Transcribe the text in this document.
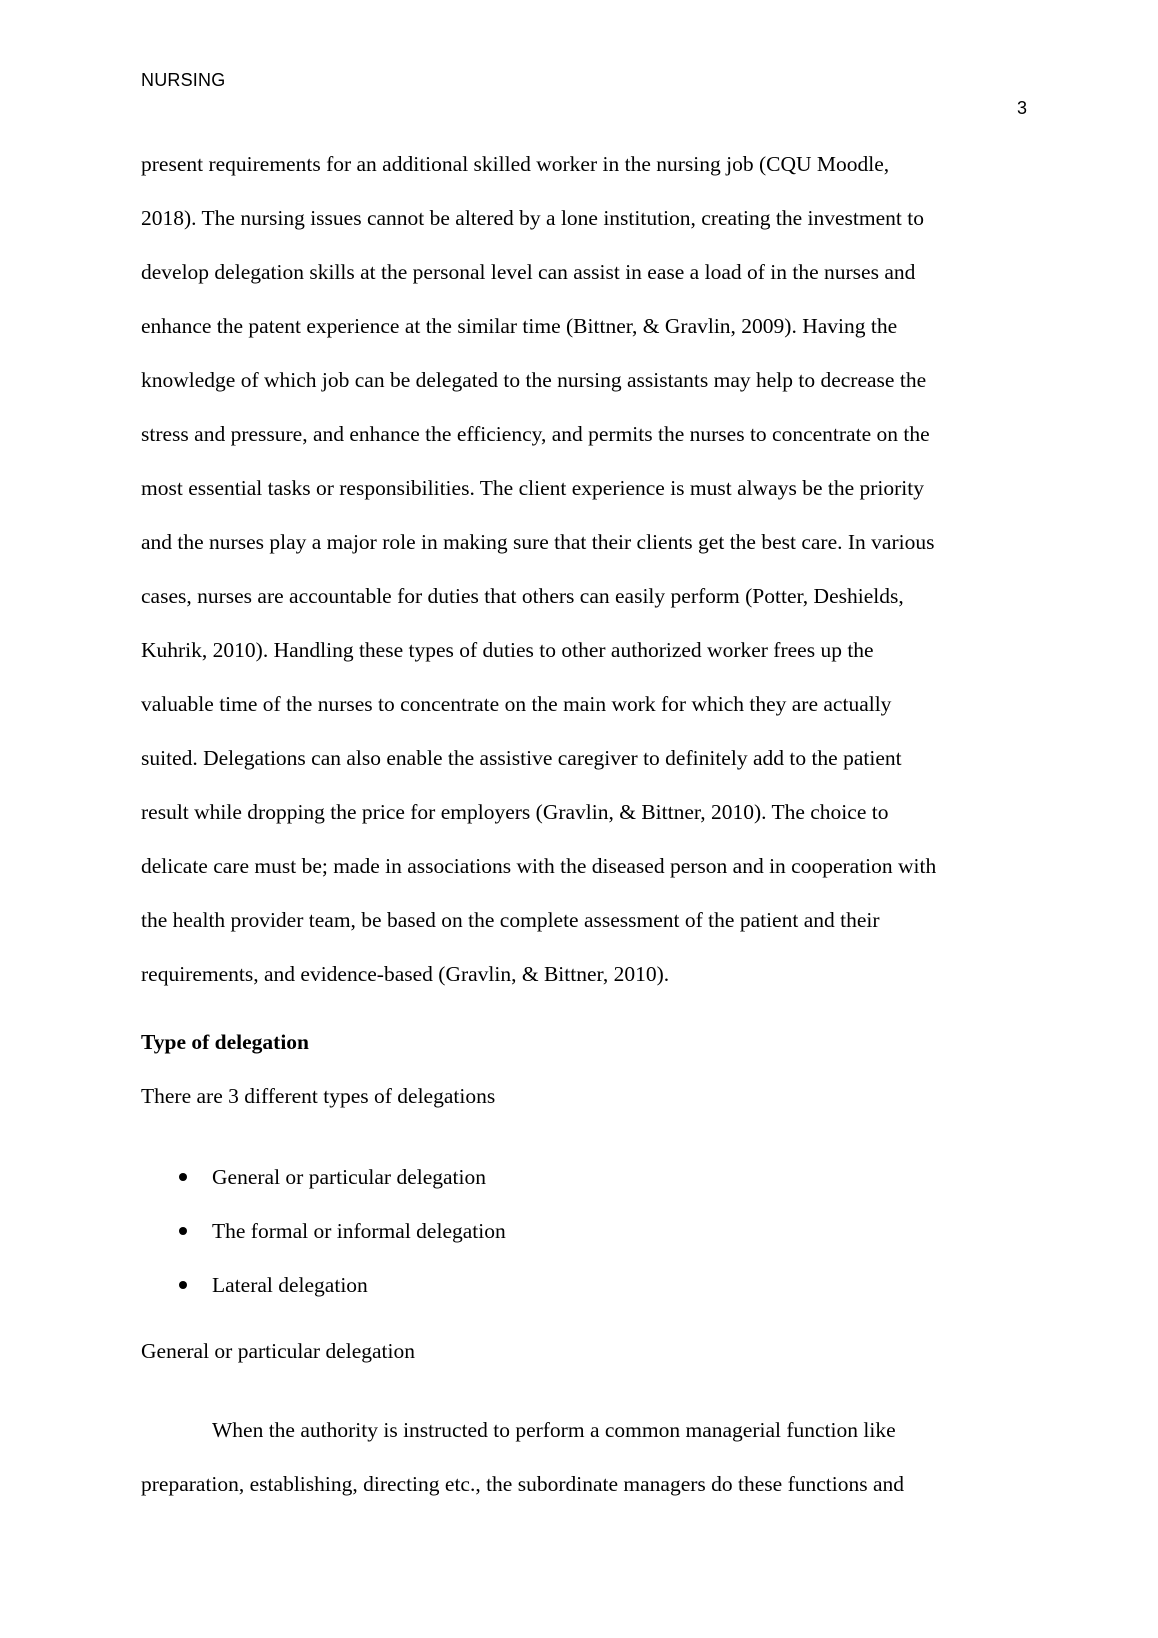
NURSING
3
present requirements for an additional skilled worker in the nursing job (CQU Moodle,
2018). The nursing issues cannot be altered by a lone institution, creating the investment to
develop delegation skills at the personal level can assist in ease a load of in the nurses and
enhance the patent experience at the similar time (Bittner, & Gravlin, 2009). Having the
knowledge of which job can be delegated to the nursing assistants may help to decrease the
stress and pressure, and enhance the efficiency, and permits the nurses to concentrate on the
most essential tasks or responsibilities. The client experience is must always be the priority
and the nurses play a major role in making sure that their clients get the best care. In various
cases, nurses are accountable for duties that others can easily perform (Potter, Deshields,
Kuhrik, 2010). Handling these types of duties to other authorized worker frees up the
valuable time of the nurses to concentrate on the main work for which they are actually
suited. Delegations can also enable the assistive caregiver to definitely add to the patient
result while dropping the price for employers (Gravlin, & Bittner, 2010). The choice to
delicate care must be; made in associations with the diseased person and in cooperation with
the health provider team, be based on the complete assessment of the patient and their
requirements, and evidence-based (Gravlin, & Bittner, 2010).
Type of delegation
There are 3 different types of delegations
General or particular delegation
The formal or informal delegation
Lateral delegation
General or particular delegation
When the authority is instructed to perform a common managerial function like
preparation, establishing, directing etc., the subordinate managers do these functions and
